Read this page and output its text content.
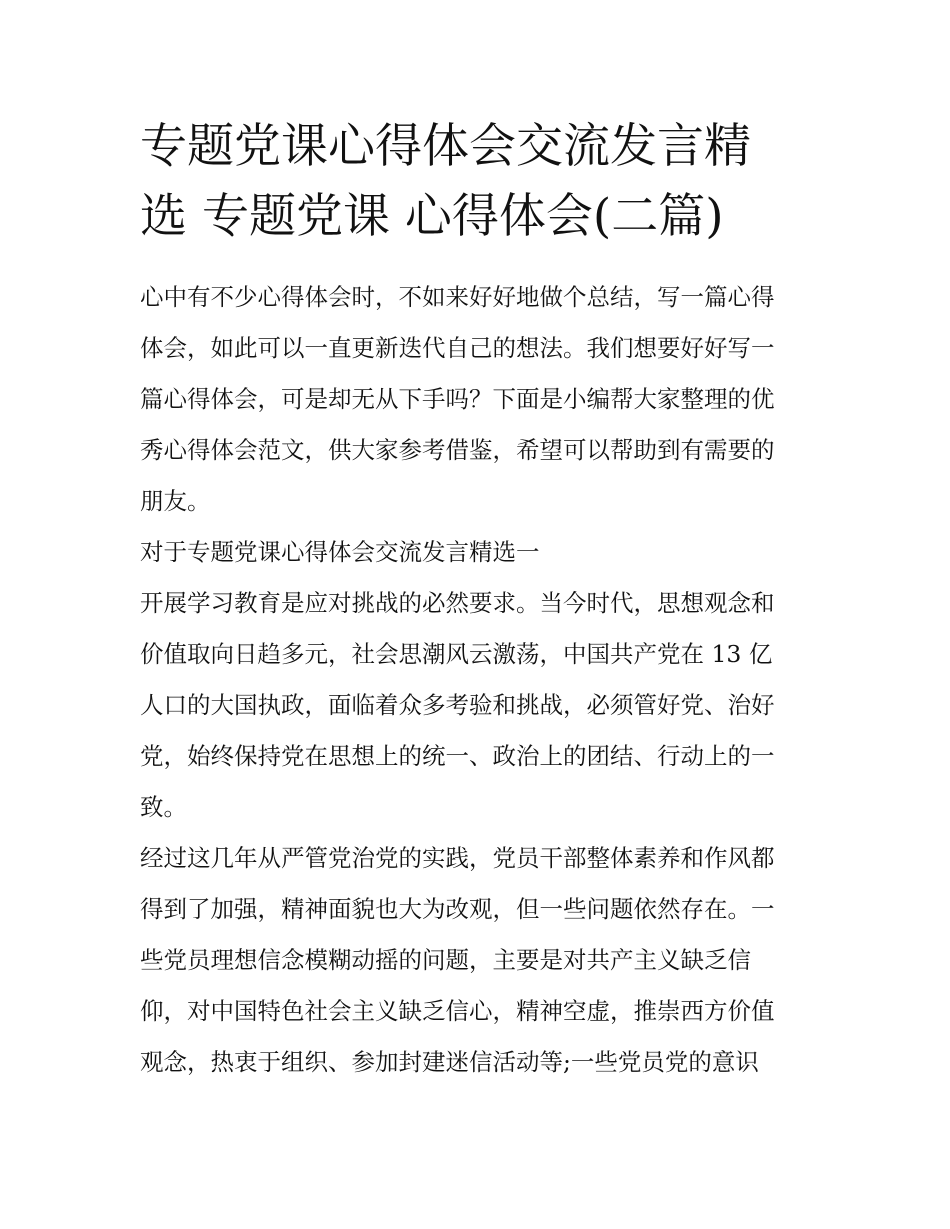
专题党课心得体会交流发言精
选 专题党课 心得体会(二篇)

心中有不少心得体会时，不如来好好地做个总结，写一篇心得
体会，如此可以一直更新迭代自己的想法。我们想要好好写一
篇心得体会，可是却无从下手吗？下面是小编帮大家整理的优
秀心得体会范文，供大家参考借鉴，希望可以帮助到有需要的
朋友。

对于专题党课心得体会交流发言精选一

开展学习教育是应对挑战的必然要求。当今时代，思想观念和
价值取向日趋多元，社会思潮风云激荡，中国共产党在 13 亿
人口的大国执政，面临着众多考验和挑战，必须管好党、治好
党，始终保持党在思想上的统一、政治上的团结、行动上的一
致。

经过这几年从严管党治党的实践，党员干部整体素养和作风都
得到了加强，精神面貌也大为改观，但一些问题依然存在。一
些党员理想信念模糊动摇的问题，主要是对共产主义缺乏信
仰，对中国特色社会主义缺乏信心，精神空虚，推崇西方价值
观念，热衷于组织、参加封建迷信活动等;一些党员党的意识
